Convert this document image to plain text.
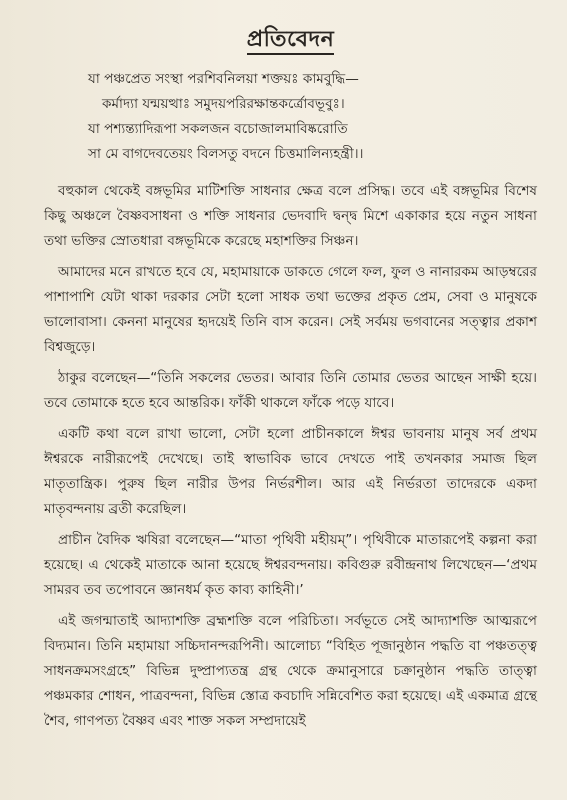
প্রতিবেদন
যা পঞ্চপ্রেত সংস্থা পরশিবনিলয়া শক্তয়ঃ কামবুদ্ধি—
কর্মাদ্যা যন্ময়ত্থাঃ সমুদয়পরিরক্ষান্তকর্ত্রোবভূবুঃ।
যা পশ্যন্ত্যাদিরূপা সকলজন বচোজালমাবিষ্করোতি
সা মে বাগদেবতেয়ং বিলসতু বদনে চিত্তমালিন্যহন্ত্রী।।

বহুকাল থেকেই বঙ্গভূমির মাটিশক্তি সাধনার ক্ষেত্র বলে প্রসিদ্ধ। তবে এই বঙ্গভূমির বিশেষ কিছু অঞ্চলে বৈষ্ণবসাধনা ও শক্তি সাধনার ভেদবাদি দ্বন্দ্ব মিশে একাকার হয়ে নতুন সাধনা তথা ভক্তির স্রোতধারা বঙ্গভূমিকে করেছে মহাশক্তির সিঞ্চন।

আমাদের মনে রাখতে হবে যে, মহামায়াকে ডাকতে গেলে ফল, ফুল ও নানারকম আড়ম্বরের পাশাপাশি যেটা থাকা দরকার সেটা হলো সাধক তথা ভক্তের প্রকৃত প্রেম, সেবা ও মানুষকে ভালোবাসা। কেননা মানুষের হৃদয়েই তিনি বাস করেন। সেই সর্বময় ভগবানের সত্ত্বার প্রকাশ বিশ্বজুড়ে।

ঠাকুর বলেছেন—“তিনি সকলের ভেতর। আবার তিনি তোমার ভেতর আছেন সাক্ষী হয়ে। তবে তোমাকে হতে হবে আন্তরিক। ফাঁকী থাকলে ফাঁকে পড়ে যাবে।

একটি কথা বলে রাখা ভালো, সেটা হলো প্রাচীনকালে ঈশ্বর ভাবনায় মানুষ সর্ব প্রথম ঈশ্বরকে নারীরূপেই দেখেছে। তাই স্বাভাবিক ভাবে দেখতে পাই তখনকার সমাজ ছিল মাতৃতান্ত্রিক। পুরুষ ছিল নারীর উপর নির্ভরশীল। আর এই নির্ভরতা তাদেরকে একদা মাতৃবন্দনায় ব্রতী করেছিল।

প্রাচীন বৈদিক ঋষিরা বলেছেন—“মাতা পৃথিবী মহীয়ম্”। পৃথিবীকে মাতারূপেই কল্পনা করা হয়েছে। এ থেকেই মাতাকে আনা হয়েছে ঈশ্বরবন্দনায়। কবিগুরু রবীন্দ্রনাথ লিখেছেন—‘প্রথম সামরব তব তপোবনে জ্ঞানধর্ম কৃত কাব্য কাহিনী।’

এই জগন্মাতাই আদ্যাশক্তি ব্রহ্মশক্তি বলে পরিচিতা। সর্বভূতে সেই আদ্যাশক্তি আত্মরূপে বিদ্যমান। তিনি মহামায়া সচ্চিদানন্দরূপিনী। আলোচ্য “বিহিত পূজানুষ্ঠান পদ্ধতি বা পঞ্চতত্ত্ব সাধনক্রমসংগ্রহে” বিভিন্ন দুষ্প্রাপ্যতন্ত্র গ্রন্থ থেকে ক্রমানুসারে চক্রানুষ্ঠান পদ্ধতি তাত্ত্বা পঞ্চমকার শোধন, পাত্রবন্দনা, বিভিন্ন স্তোত্র কবচাদি সন্নিবেশিত করা হয়েছে। এই একমাত্র গ্রন্থে শৈব, গাণপত্য বৈষ্ণব এবং শাক্ত সকল সম্প্রদায়েই
